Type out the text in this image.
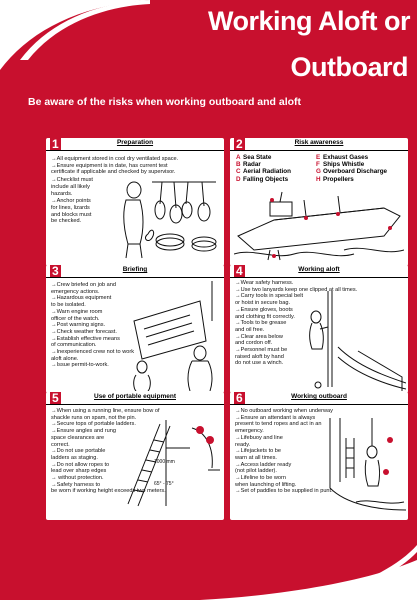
Working Aloft or
Outboard
Be aware of the risks when working outboard and aloft
1	Preparation
→All equipment stored in cool dry ventilated space.
→Ensure equipment is in date, has current test
certificate if applicable and checked by supervisor.
→Checklist must
include all likely
hazards.
→Anchor points
for lines, lizards
and blocks must
be checked.
2	Risk awareness
A Sea State
B Radar
C Aerial Radiation
D Falling Objects
E Exhaust Gases
F Ships Whistle
G Overboard Discharge
H Propellers
3	Briefing
→Crew briefed on job and
emergency actions.
→Hazardous equipment
to be isolated.
→Warn engine room
officer of the watch.
→Post warning signs.
→Check weather forecast.
→Establish effective means
of communication.
→Inexperienced crew not to work
aloft alone.
→Issue permit-to-work.
4	Working aloft
→Wear safety harness.
→Use two lanyards keep one clipped at all times.
→Carry tools in special belt
or hoist in secure bag.
→Ensure gloves, boots
and clothing fit correctly.
→Tools to be grease
and oil free.
→Clear area below
and cordon off.
→Personnel must be
raised aloft by hand
do not use a winch.
5	Use of portable equipment
→When using a running line, ensure bow of
shackle runs on spam, not the pin.
→Secure tops of portable ladders.
→Ensure angles and rung
space clearances are
correct.
→Do not use portable
ladders as staging.
→Do not allow ropes to
lead over sharp edges
→ without protection.
→Safety harness to
be worn if working height exceeds two meters.
1000 mm
65° - 75°
6	Working outboard
→No outboard working when underway
→Ensure an attendant is always
present to tend ropes and act in an
emergency.
→Lifebuoy and line
ready.
→Lifejackets to be
warn at all times.
→Access ladder ready
(not pilot ladder).
→Lifeline to be worn
when launching of lifting.
→Set of paddles to be supplied in punt.
